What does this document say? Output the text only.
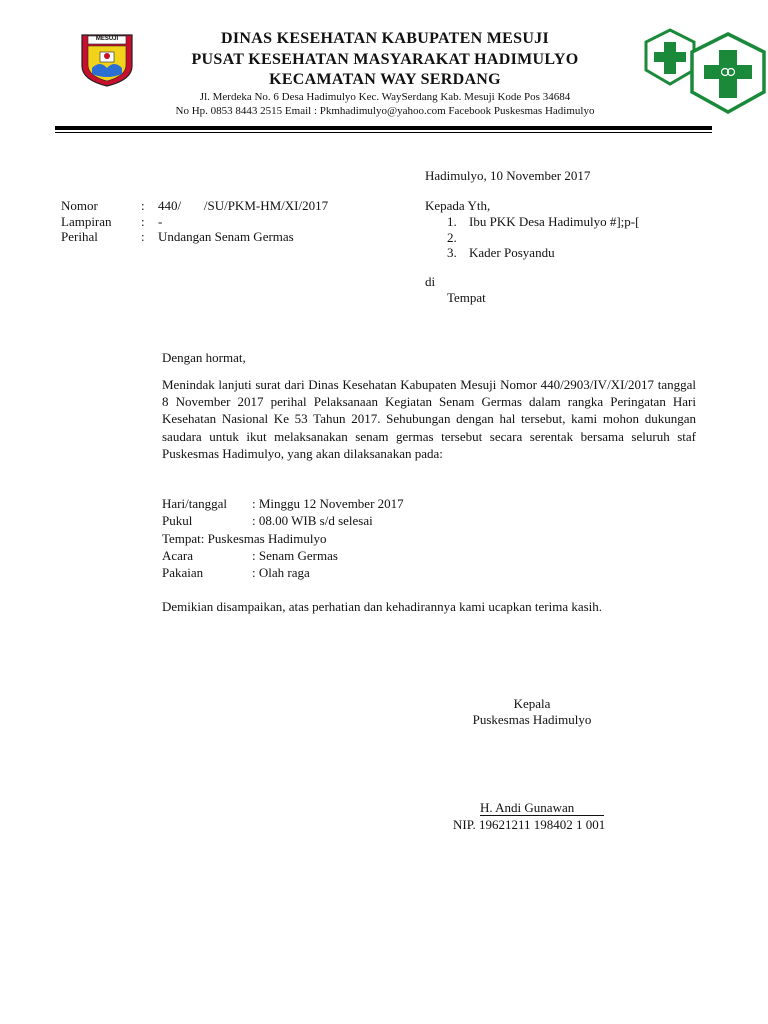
MESUJI	DINAS KESEHATAN KABUPATEN MESUJI
PUSAT KESEHATAN MASYARAKAT HADIMULYO
KECAMATAN WAY SERDANG
Jl. Merdeka No. 6 Desa Hadimulyo Kec. WaySerdang Kab. Mesuji Kode Pos 34684
No Hp. 0853 8443 2515 Email : Pkmhadimulyo@yahoo.com Facebook Puskesmas Hadimulyo
Hadimulyo, 10 November 2017
Nomor	: 440/       /SU/PKM-HM/XI/2017
Lampiran : -
Perihal	: Undangan Senam Germas
Kepada Yth,
1. Ibu PKK Desa Hadimulyo #];p-[
2.
3. Kader Posyandu
di
Tempat
Dengan hormat,
Menindak lanjuti surat dari Dinas Kesehatan Kabupaten Mesuji Nomor 440/2903/IV/XI/2017 tanggal 8 November 2017 perihal Pelaksanaan Kegiatan Senam Germas dalam rangka Peringatan Hari Kesehatan Nasional Ke 53 Tahun 2017. Sehubungan dengan hal tersebut, kami mohon dukungan saudara untuk ikut melaksanakan senam germas tersebut secara serentak bersama seluruh staf Puskesmas Hadimulyo, yang akan dilaksanakan pada:
Hari/tanggal : Minggu 12 November 2017
Pukul	: 08.00 WIB s/d selesai
Tempat: Puskesmas Hadimulyo
Acara	: Senam Germas
Pakaian	: Olah raga
Demikian disampaikan, atas perhatian dan kehadirannya kami ucapkan terima kasih.
Kepala
Puskesmas Hadimulyo
H. Andi Gunawan
NIP. 19621211 198402 1 001
